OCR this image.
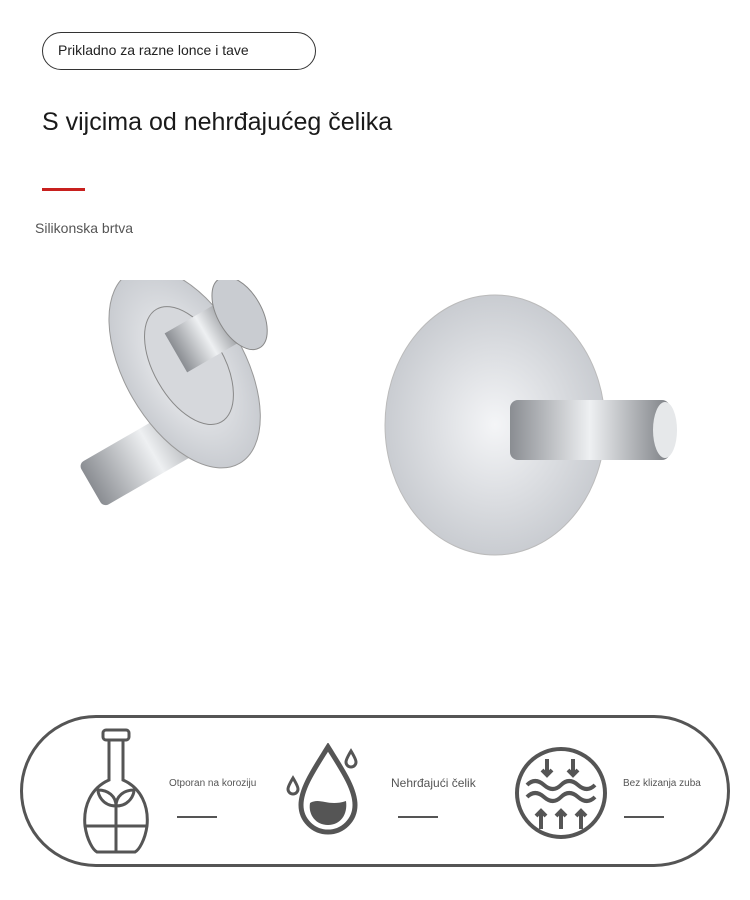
Prikladno za razne lonce i tave
S vijcima od nehrđajućeg čelika
Silikonska brtva
Otporan na koroziju	Nehrđajući čelik	Bez klizanja zuba
